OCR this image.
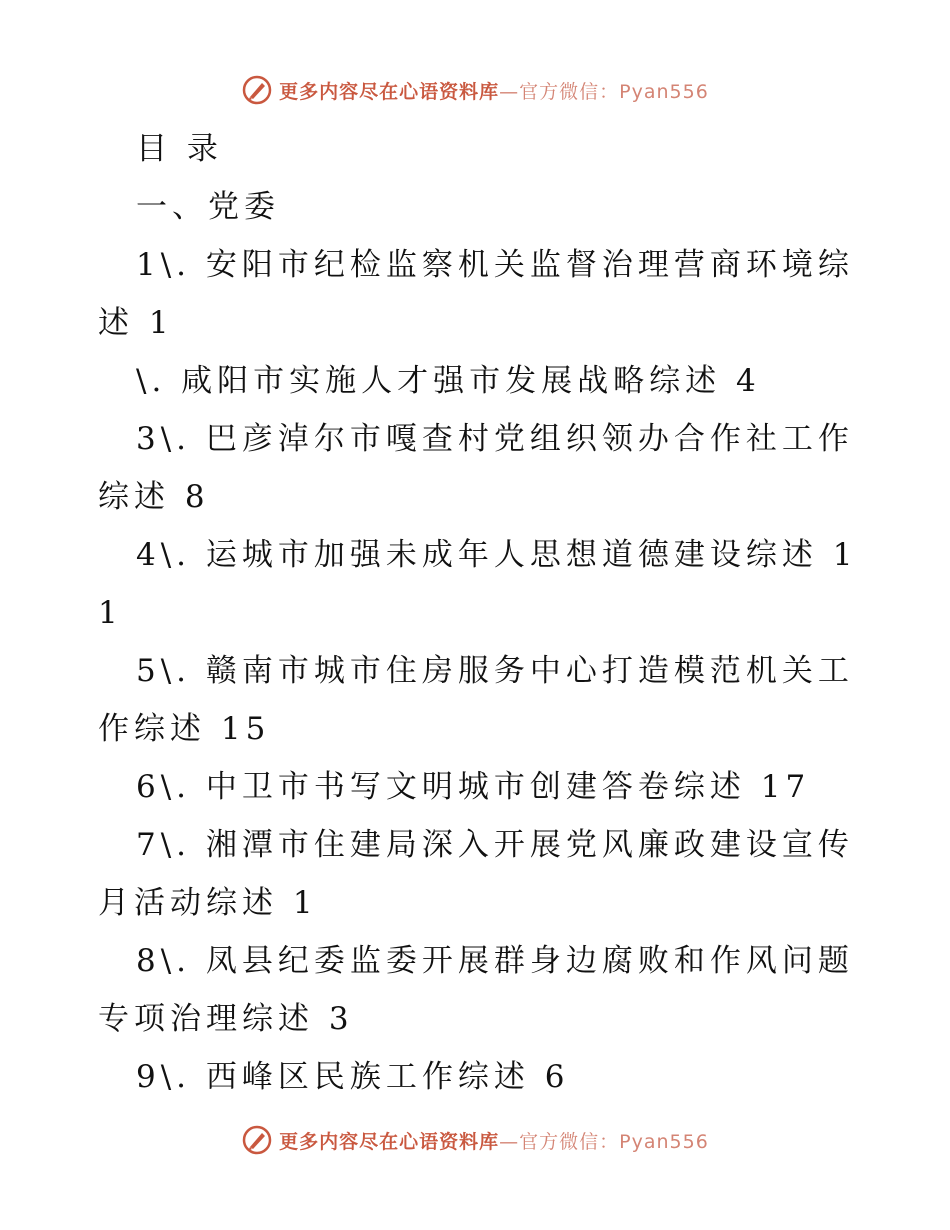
更多内容尽在心语资料库—官方微信：Pyan556
目 录
一、党委
1\. 安阳市纪检监察机关监督治理营商环境综述 1
\. 咸阳市实施人才强市发展战略综述 4
3\. 巴彦淖尔市嘎查村党组织领办合作社工作综述 8
4\. 运城市加强未成年人思想道德建设综述 11
5\. 赣南市城市住房服务中心打造模范机关工作综述 15
6\. 中卫市书写文明城市创建答卷综述 17
7\. 湘潭市住建局深入开展党风廉政建设宣传月活动综述 1
8\. 凤县纪委监委开展群身边腐败和作风问题专项治理综述 3
9\. 西峰区民族工作综述 6
更多内容尽在心语资料库—官方微信：Pyan556
